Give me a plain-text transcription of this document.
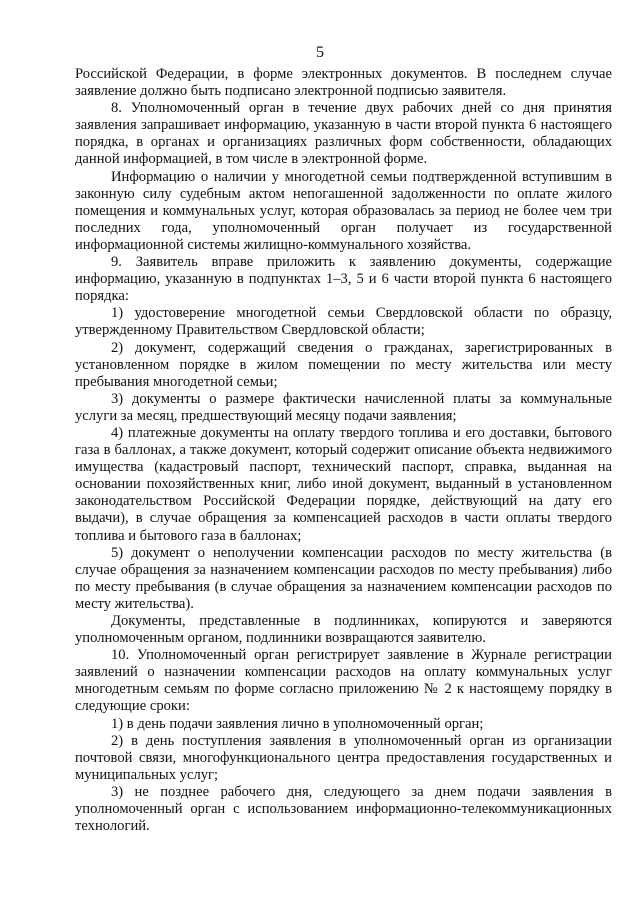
5

Российской Федерации, в форме электронных документов. В последнем случае заявление должно быть подписано электронной подписью заявителя.

8. Уполномоченный орган в течение двух рабочих дней со дня принятия заявления запрашивает информацию, указанную в части второй пункта 6 настоящего порядка, в органах и организациях различных форм собственности, обладающих данной информацией, в том числе в электронной форме.

Информацию о наличии у многодетной семьи подтвержденной вступившим в законную силу судебным актом непогашенной задолженности по оплате жилого помещения и коммунальных услуг, которая образовалась за период не более чем три последних года, уполномоченный орган получает из государственной информационной системы жилищно-коммунального хозяйства.

9. Заявитель вправе приложить к заявлению документы, содержащие информацию, указанную в подпунктах 1–3, 5 и 6 части второй пункта 6 настоящего порядка:

1) удостоверение многодетной семьи Свердловской области по образцу, утвержденному Правительством Свердловской области;

2) документ, содержащий сведения о гражданах, зарегистрированных в установленном порядке в жилом помещении по месту жительства или месту пребывания многодетной семьи;

3) документы о размере фактически начисленной платы за коммунальные услуги за месяц, предшествующий месяцу подачи заявления;

4) платежные документы на оплату твердого топлива и его доставки, бытового газа в баллонах, а также документ, который содержит описание объекта недвижимого имущества (кадастровый паспорт, технический паспорт, справка, выданная на основании похозяйственных книг, либо иной документ, выданный в установленном законодательством Российской Федерации порядке, действующий на дату его выдачи), в случае обращения за компенсацией расходов в части оплаты твердого топлива и бытового газа в баллонах;

5) документ о неполучении компенсации расходов по месту жительства (в случае обращения за назначением компенсации расходов по месту пребывания) либо по месту пребывания (в случае обращения за назначением компенсации расходов по месту жительства).

Документы, представленные в подлинниках, копируются и заверяются уполномоченным органом, подлинники возвращаются заявителю.

10. Уполномоченный орган регистрирует заявление в Журнале регистрации заявлений о назначении компенсации расходов на оплату коммунальных услуг многодетным семьям по форме согласно приложению № 2 к настоящему порядку в следующие сроки:

1) в день подачи заявления лично в уполномоченный орган;

2) в день поступления заявления в уполномоченный орган из организации почтовой связи, многофункционального центра предоставления государственных и муниципальных услуг;

3) не позднее рабочего дня, следующего за днем подачи заявления в уполномоченный орган с использованием информационно-телекоммуникационных технологий.
